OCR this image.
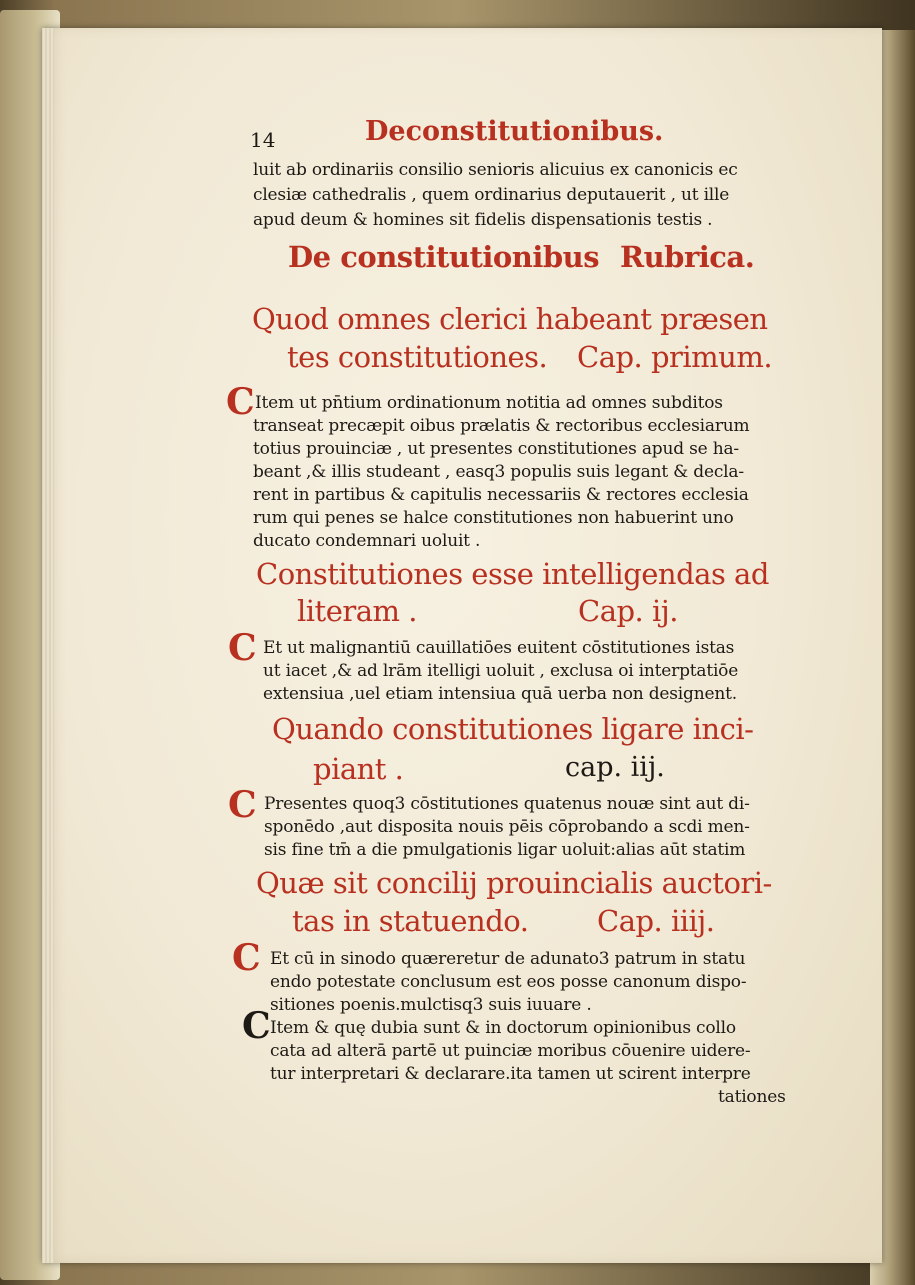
14	Deconstitutionibus.
luit ab ordinariis consilio senioris alicuius ex canonicis ec
clesiæ cathedralis , quem ordinarius deputauerit , ut ille
apud deum & homines sit fidelis dispensationis testis .
De constitutionibus Rubrica.
Quod omnes clerici habeant præsen
tes constitutiones. Cap. primum.
C Item ut pn̄tium ordinationum notitia ad omnes subditos
transeat precæpit oibus prælatis & rectoribus ecclesiarum
totius prouinciæ , ut presentes constitutiones apud se ha-
beant ,& illis studeant , easq3 populis suis legant & decla-
rent in partibus & capitulis necessariis & rectores ecclesia
rum qui penes se halce constitutiones non habuerint uno
ducato condemnari uoluit .
Constitutiones esse intelligendas ad
literam .	Cap. ij.
C Et ut malignantiū cauillatiōes euitent cōstitutiones istas
ut iacet ,& ad lrām itelligi uoluit , exclusa oi interptatiōe
extensiua ,uel etiam intensiua quā uerba non designent.
Quando constitutiones ligare inci-
piant .	cap. iij.
C Presentes quoq3 cōstitutiones quatenus nouæ sint aut di-
sponēdo ,aut disposita nouis pēis cōprobando a scdi men-
sis fine tm̄ a die pmulgationis ligar uoluit:alias aūt statim
Quæ sit concilij prouincialis auctori-
tas in statuendo. Cap. iiij.
C Et cū in sinodo quæreretur de adunato3 patrum in statu
endo potestate conclusum est eos posse canonum dispo-
sitiones poenis.mulctisq3 suis iuuare .
C Item & quę dubia sunt & in doctorum opinionibus collo
cata ad alterā partē ut puinciæ moribus cōuenire uidere-
tur interpretari & declarare.ita tamen ut scirent interpre
tationes
